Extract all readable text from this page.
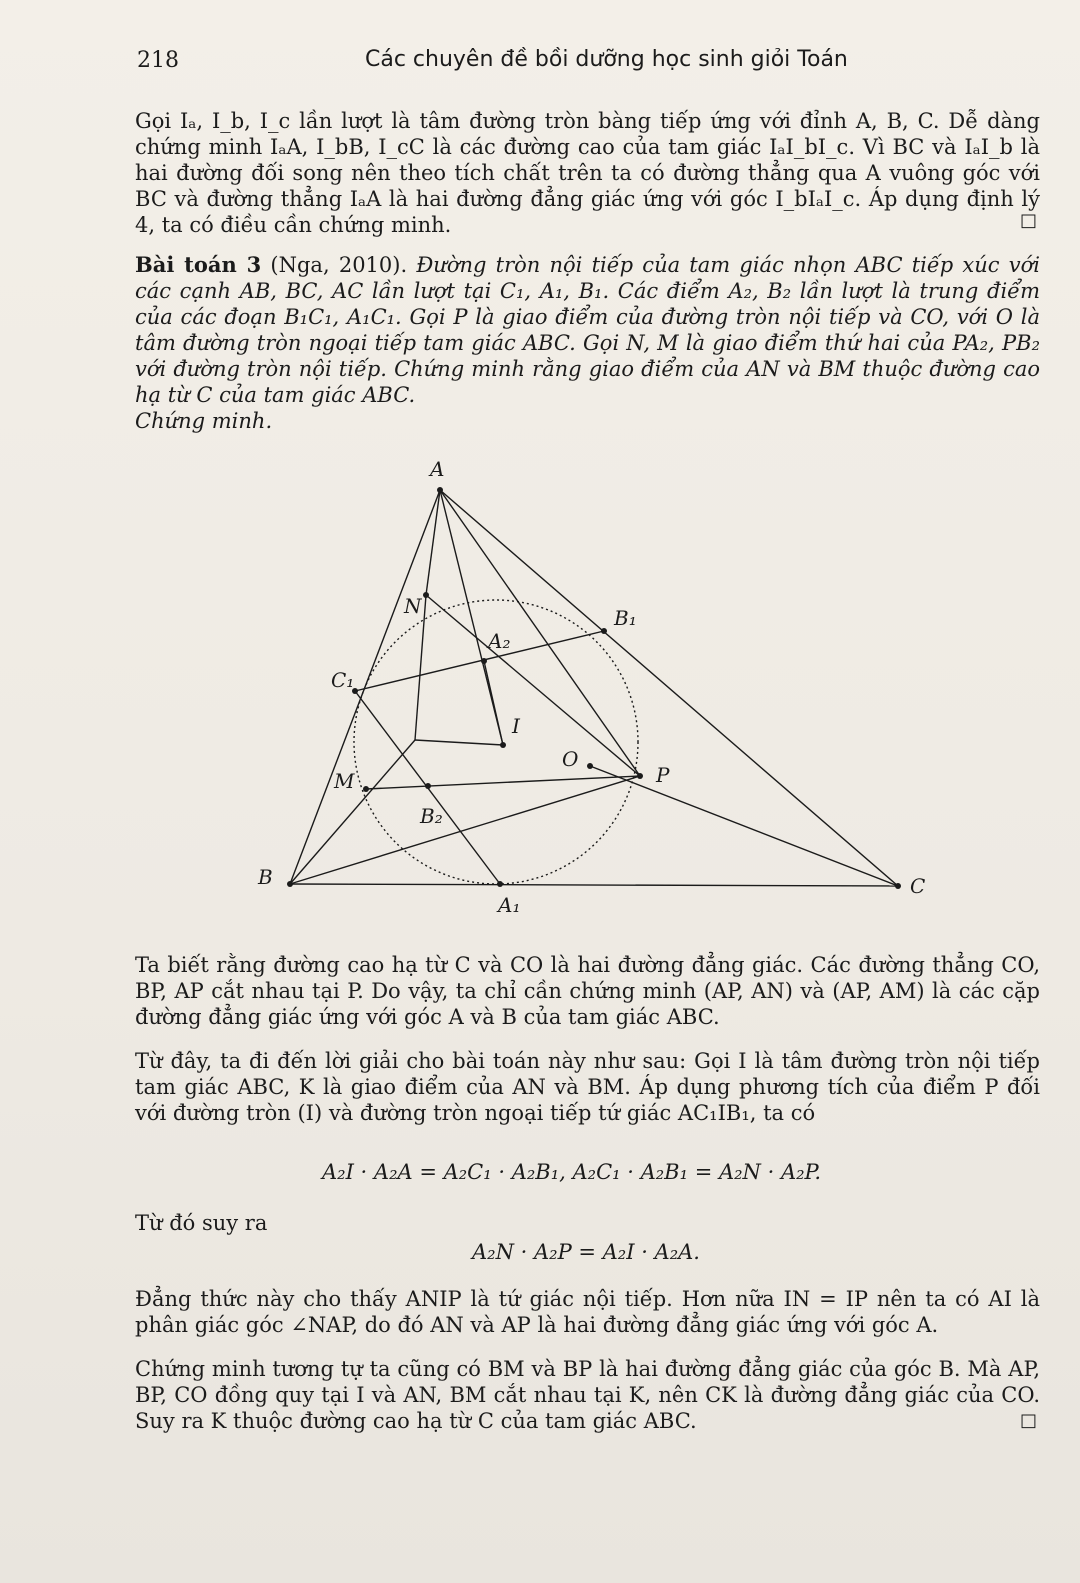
218	Các chuyên đề bồi dưỡng học sinh giỏi Toán
Gọi Iₐ, I_b, I_c lần lượt là tâm đường tròn bàng tiếp ứng với đỉnh A, B, C. Dễ dàng chứng minh IₐA, I_bB, I_cC là các đường cao của tam giác IₐI_bI_c. Vì BC và IₐI_b là hai đường đối song nên theo tích chất trên ta có đường thẳng qua A vuông góc với BC và đường thẳng IₐA là hai đường đẳng giác ứng với góc I_bIₐI_c. Áp dụng định lý 4, ta có điều cần chứng minh.	□
Bài toán 3 (Nga, 2010). Đường tròn nội tiếp của tam giác nhọn ABC tiếp xúc với các cạnh AB, BC, AC lần lượt tại C₁, A₁, B₁. Các điểm A₂, B₂ lần lượt là trung điểm của các đoạn B₁C₁, A₁C₁. Gọi P là giao điểm của đường tròn nội tiếp và CO, với O là tâm đường tròn ngoại tiếp tam giác ABC. Gọi N, M là giao điểm thứ hai của PA₂, PB₂ với đường tròn nội tiếp. Chứng minh rằng giao điểm của AN và BM thuộc đường cao hạ từ C của tam giác ABC.
Chứng minh.
A
N	B₁
A₂
C₁
I
O
P
M
B₂
B	C
A₁
Ta biết rằng đường cao hạ từ C và CO là hai đường đẳng giác. Các đường thẳng CO, BP, AP cắt nhau tại P. Do vậy, ta chỉ cần chứng minh (AP, AN) và (AP, AM) là các cặp đường đẳng giác ứng với góc A và B của tam giác ABC.
Từ đây, ta đi đến lời giải cho bài toán này như sau: Gọi I là tâm đường tròn nội tiếp tam giác ABC, K là giao điểm của AN và BM. Áp dụng phương tích của điểm P đối với đường tròn (I) và đường tròn ngoại tiếp tứ giác AC₁IB₁, ta có
A₂I · A₂A = A₂C₁ · A₂B₁, A₂C₁ · A₂B₁ = A₂N · A₂P.
Từ đó suy ra
A₂N · A₂P = A₂I · A₂A.
Đẳng thức này cho thấy ANIP là tứ giác nội tiếp. Hơn nữa IN = IP nên ta có AI là phân giác góc ∠NAP, do đó AN và AP là hai đường đẳng giác ứng với góc A.
Chứng minh tương tự ta cũng có BM và BP là hai đường đẳng giác của góc B. Mà AP, BP, CO đồng quy tại I và AN, BM cắt nhau tại K, nên CK là đường đẳng giác của CO. Suy ra K thuộc đường cao hạ từ C của tam giác ABC.	□
